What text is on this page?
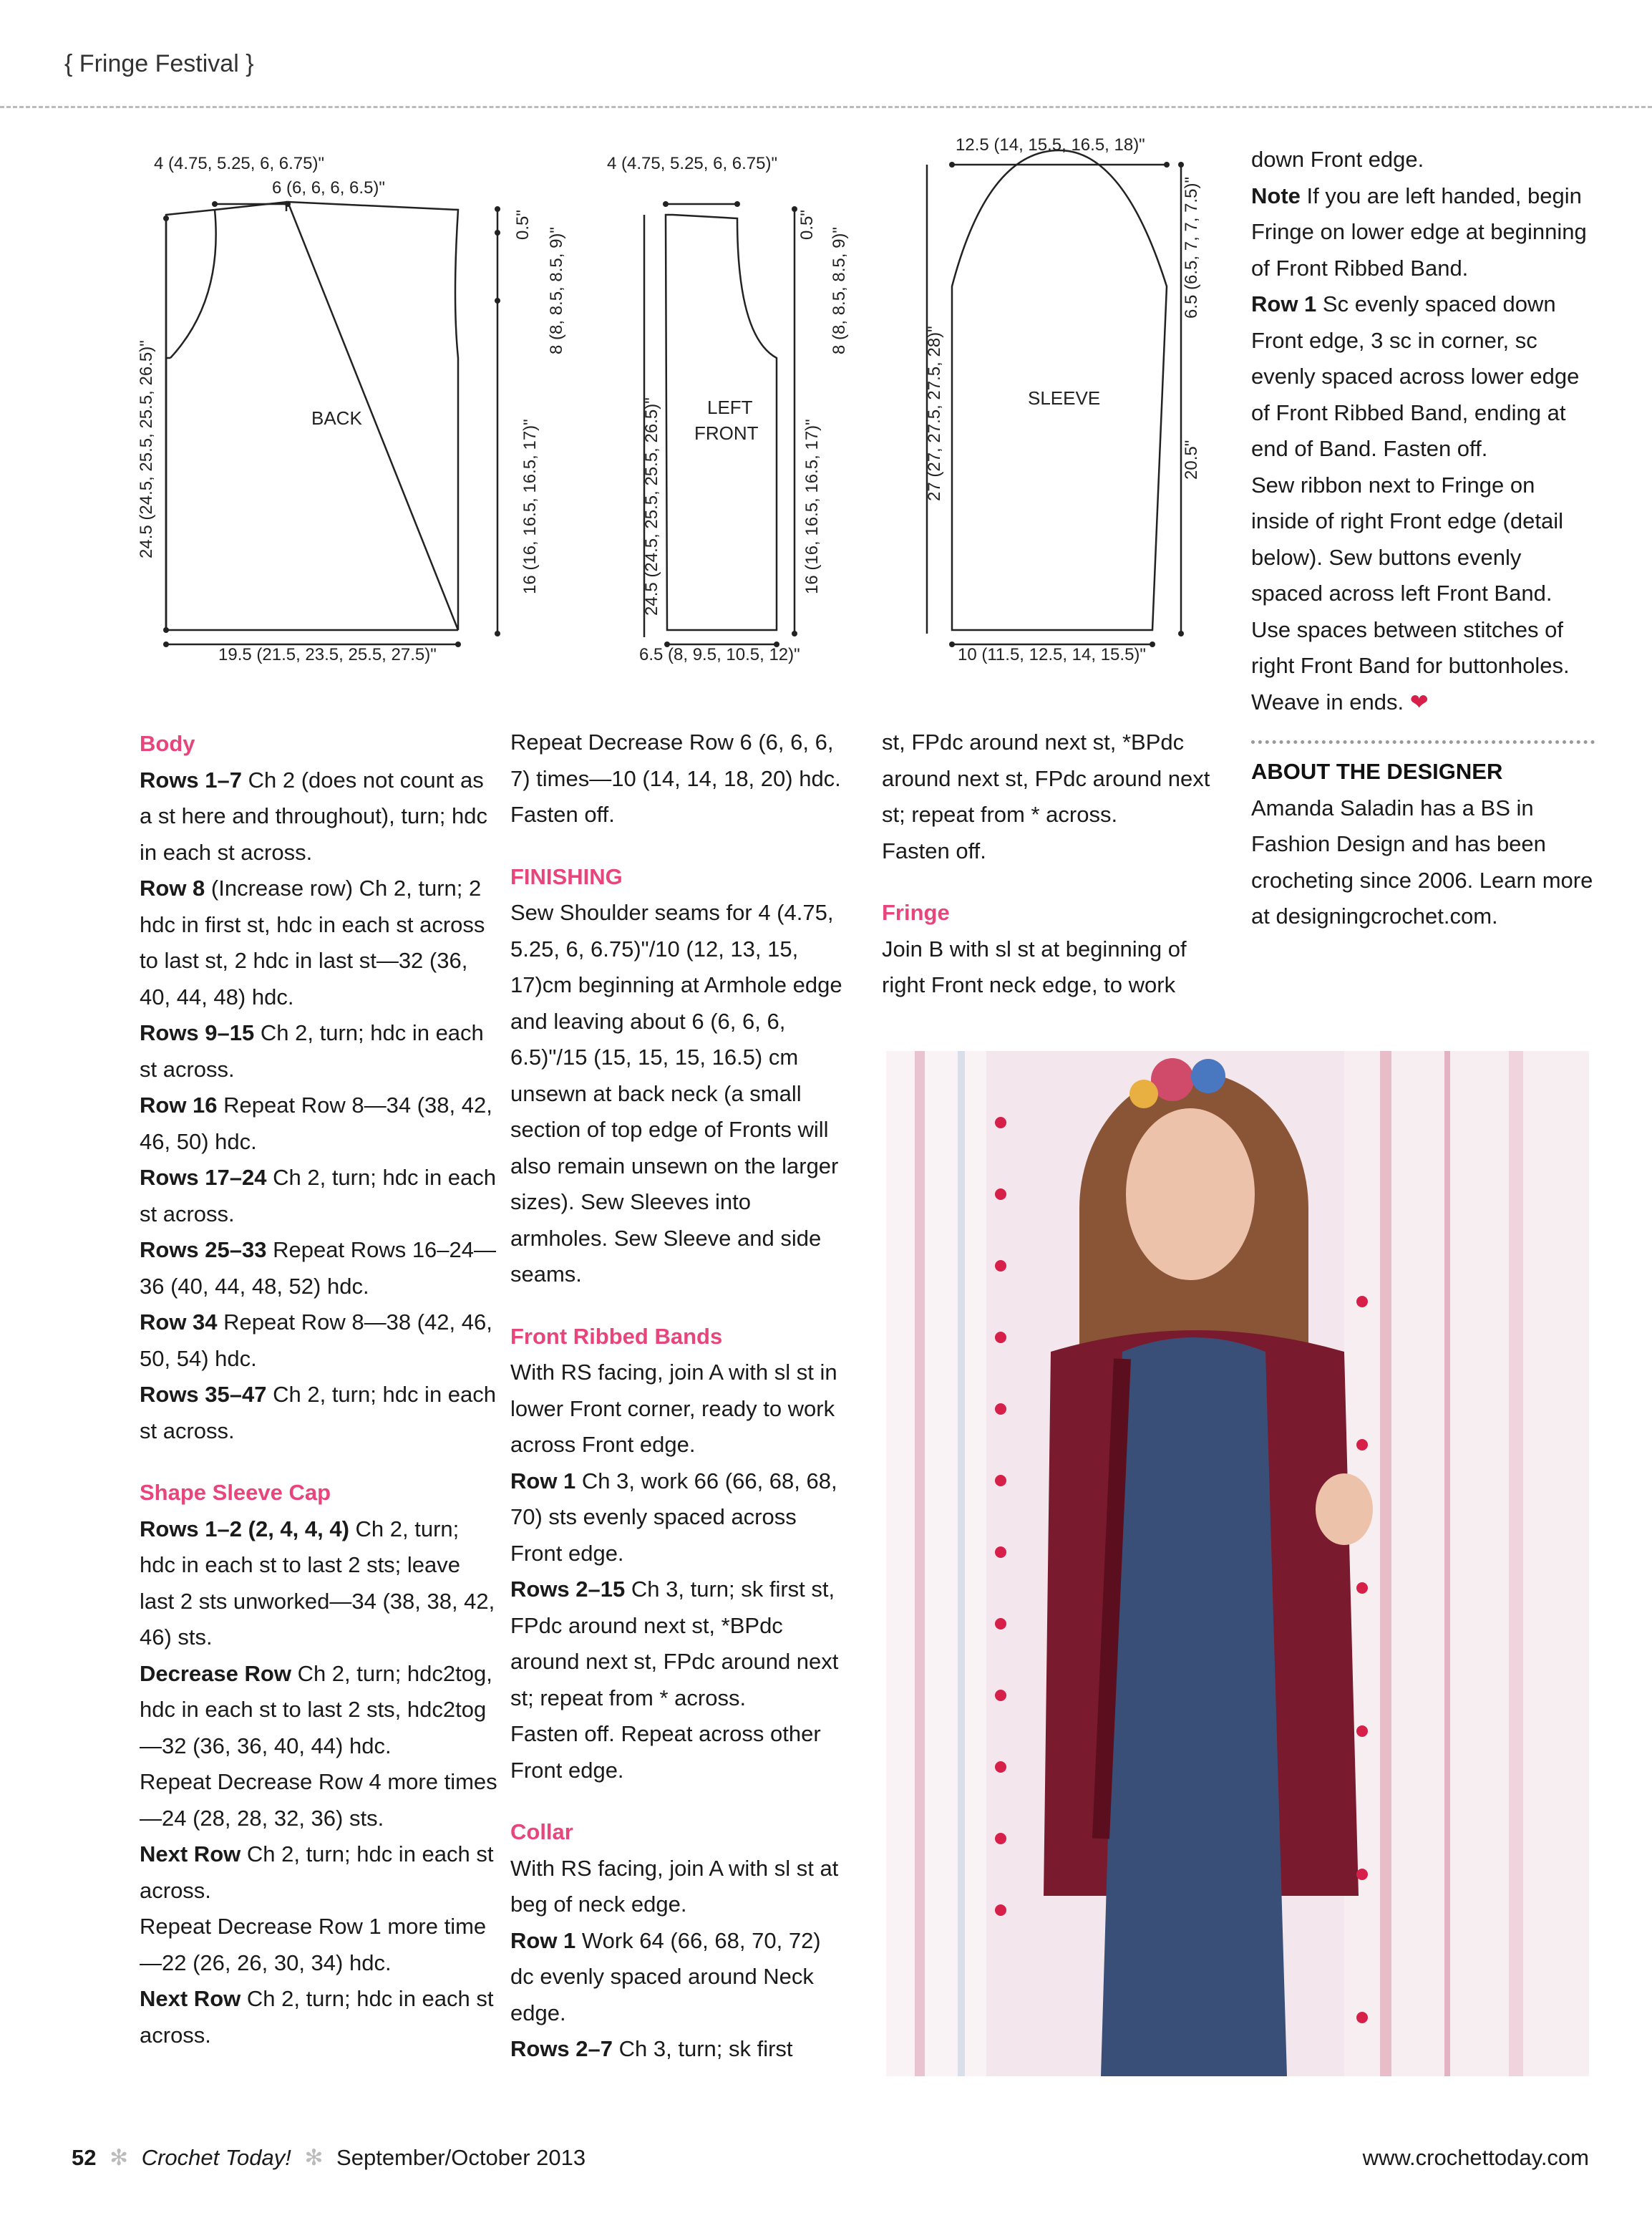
{ Fringe Festival }
4 (4.75, 5.25, 6, 6.75)"
6 (6, 6, 6, 6.5)"
0.5"
8 (8, 8.5, 8.5, 9)"
16 (16, 16.5, 16.5, 17)"
24.5 (24.5, 25.5, 25.5, 26.5)"	BACK
19.5 (21.5, 23.5, 25.5, 27.5)"
4 (4.75, 5.25, 6, 6.75)"
0.5"
8 (8, 8.5, 8.5, 9)"
16 (16, 16.5, 16.5, 17)"
24.5 (24.5, 25.5, 25.5, 26.5)" LEFT
FRONT
6.5 (8, 9.5, 10.5, 12)"
12.5 (14, 15.5, 16.5, 18)"
6.5 (6.5, 7, 7, 7.5)"
27 (27, 27.5, 27.5, 28)"	20.5"
SLEEVE
10 (11.5, 12.5, 14, 15.5)"

Body

Rows 1–7 Ch 2 (does not count as a st here and throughout), turn; hdc in each st across.

Row 8 (Increase row) Ch 2, turn; 2 hdc in first st, hdc in each st across to last st, 2 hdc in last st—32 (36, 40, 44, 48) hdc.

Rows 9–15 Ch 2, turn; hdc in each st across.

Row 16 Repeat Row 8—34 (38, 42, 46, 50) hdc.

Rows 17–24 Ch 2, turn; hdc in each st across.

Rows 25–33 Repeat Rows 16–24—36 (40, 44, 48, 52) hdc.

Row 34 Repeat Row 8—38 (42, 46, 50, 54) hdc.

Rows 35–47 Ch 2, turn; hdc in each st across.

Shape Sleeve Cap

Rows 1–2 (2, 4, 4, 4) Ch 2, turn; hdc in each st to last 2 sts; leave last 2 sts unworked—34 (38, 38, 42, 46) sts.

Decrease Row Ch 2, turn; hdc2tog, hdc in each st to last 2 sts, hdc2tog—32 (36, 36, 40, 44) hdc.

Repeat Decrease Row 4 more times—24 (28, 28, 32, 36) sts.

Next Row Ch 2, turn; hdc in each st across.

Repeat Decrease Row 1 more time—22 (26, 26, 30, 34) hdc.

Next Row Ch 2, turn; hdc in each st across.

Repeat Decrease Row 6 (6, 6, 6, 7) times—10 (14, 14, 18, 20) hdc.

Fasten off.

FINISHING

Sew Shoulder seams for 4 (4.75, 5.25, 6, 6.75)"/10 (12, 13, 15, 17)cm beginning at Armhole edge and leaving about 6 (6, 6, 6, 6.5)"/15 (15, 15, 15, 16.5) cm unsewn at back neck (a small section of top edge of Fronts will also remain unsewn on the larger sizes). Sew Sleeves into armholes. Sew Sleeve and side seams.

Front Ribbed Bands

With RS facing, join A with sl st in lower Front corner, ready to work across Front edge.

Row 1 Ch 3, work 66 (66, 68, 68, 70) sts evenly spaced across Front edge.

Rows 2–15 Ch 3, turn; sk first st, FPdc around next st, *BPdc around next st, FPdc around next st; repeat from * across.

Fasten off. Repeat across other Front edge.

Collar

With RS facing, join A with sl st at beg of neck edge.

Row 1 Work 64 (66, 68, 70, 72) dc evenly spaced around Neck edge.

Rows 2–7 Ch 3, turn; sk first

st, FPdc around next st, *BPdc around next st, FPdc around next st; repeat from * across.

Fasten off.

Fringe

Join B with sl st at beginning of right Front neck edge, to work

down Front edge.

Note If you are left handed, begin Fringe on lower edge at beginning of Front Ribbed Band.

Row 1 Sc evenly spaced down Front edge, 3 sc in corner, sc evenly spaced across lower edge of Front Ribbed Band, ending at end of Band. Fasten off.

Sew ribbon next to Fringe on inside of right Front edge (detail below). Sew buttons evenly spaced across left Front Band. Use spaces between stitches of right Front Band for buttonholes. Weave in ends. ❤

ABOUT THE DESIGNER

Amanda Saladin has a BS in Fashion Design and has been crocheting since 2006. Learn more at designingcrochet.com.

52 ✻ Crochet Today! ✻ September/October 2013	www.crochettoday.com
